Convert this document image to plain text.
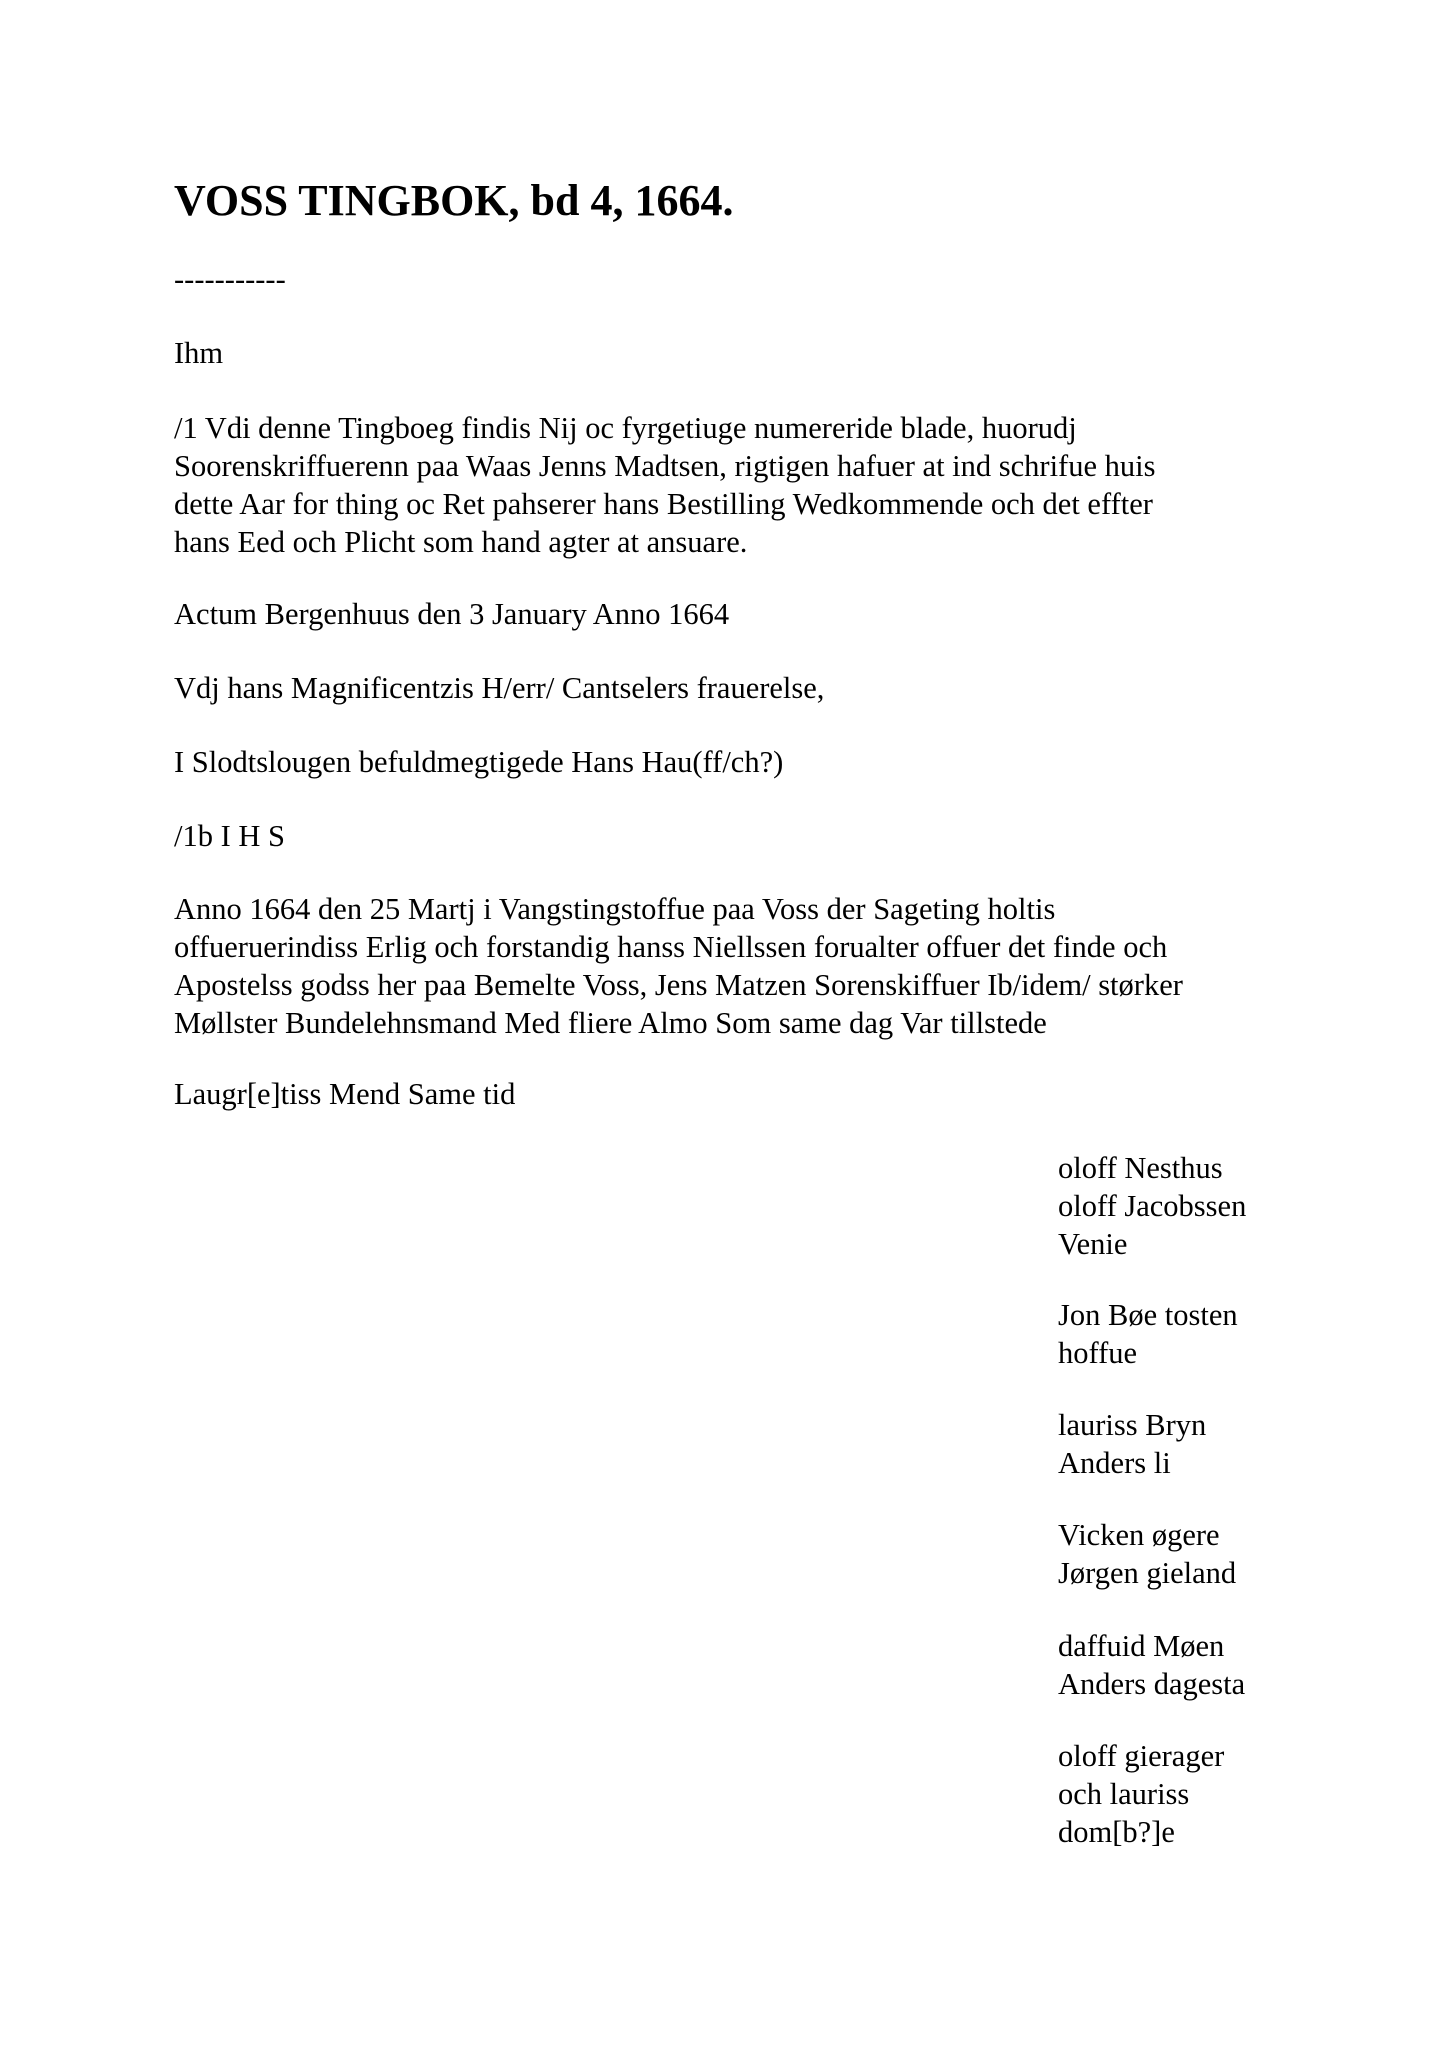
VOSS TINGBOK, bd 4, 1664.
-----------
Ihm
/1 Vdi denne Tingboeg findis Nij oc fyrgetiuge numereride blade, huorudj
Soorenskriffuerenn paa Waas Jenns Madtsen, rigtigen hafuer at ind schrifue huis
dette Aar for thing oc Ret pahserer hans Bestilling Wedkommende och det effter
hans Eed och Plicht som hand agter at ansuare.
Actum Bergenhuus den 3 January Anno 1664
Vdj hans Magnificentzis H/err/ Cantselers frauerelse,
I Slodtslougen befuldmegtigede Hans Hau(ff/ch?)
/1b I H S
Anno 1664 den 25 Martj i Vangstingstoffue paa Voss der Sageting holtis
offueruerindiss Erlig och forstandig hanss Niellssen forualter offuer det finde och
Apostelss godss her paa Bemelte Voss, Jens Matzen Sorenskiffuer Ib/idem/ størker
Møllster Bundelehnsmand Med fliere Almo Som same dag Var tillstede
Laugr[e]tiss Mend Same tid
oloff Nesthus
oloff Jacobssen
Venie
Jon Bøe tosten
hoffue
lauriss Bryn
Anders li
Vicken øgere
Jørgen gieland
daffuid Møen
Anders dagesta
oloff gierager
och lauriss
dom[b?]e
